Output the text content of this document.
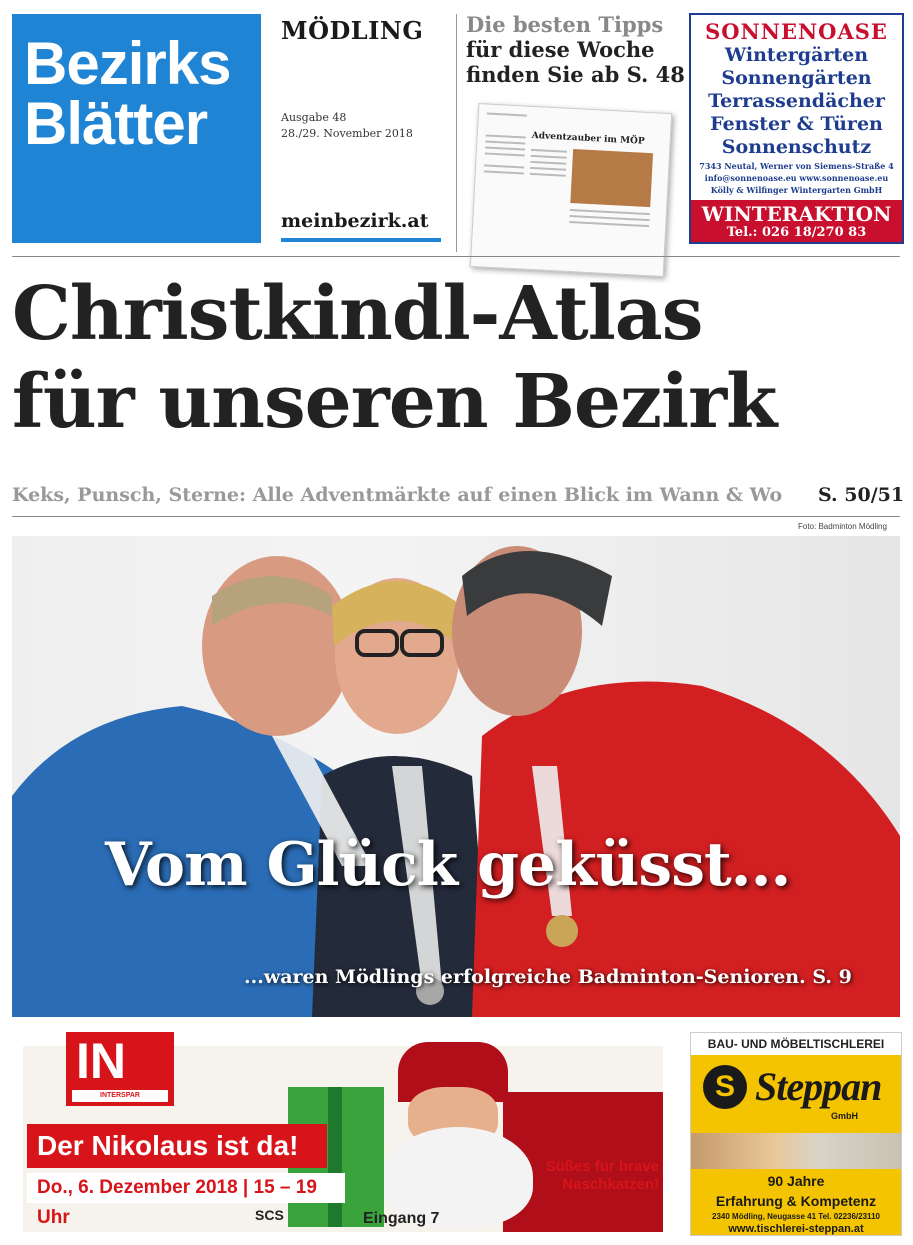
Bezirks
Blätter
MÖDLING
Ausgabe 48
28./29. November 2018
meinbezirk.at
Die besten Tipps
für diese Woche
finden Sie ab S. 48
Adventzauber im MÖP
SONNENOASE
Wintergärten
Sonnengärten
Terrassendächer
Fenster & Türen
Sonnenschutz
7343 Neutal, Werner von Siemens-Straße 4
info@sonnenoase.eu www.sonnenoase.eu
Kölly & Wilfinger Wintergarten GmbH
WINTERAKTION
Tel.: 026 18/270 83
Christkindl-Atlas
für unseren Bezirk
Keks, Punsch, Sterne: Alle Adventmärkte auf einen Blick im Wann & Wo S. 50/51
Foto: Badminton Mödling
Vom Glück geküsst...
...waren Mödlings erfolgreiche Badminton-Senioren. S. 9
IN
INTERSPAR
Der Nikolaus ist da!
Do., 6. Dezember 2018 | 15 – 19 Uhr
Süßes für brave Naschkatzen!
SCS	Eingang 7
BAU- UND MÖBELTISCHLEREI
S Steppan
GmbH
90 Jahre
Erfahrung & Kompetenz
2340 Mödling, Neugasse 41 Tel. 02236/23110
www.tischlerei-steppan.at
